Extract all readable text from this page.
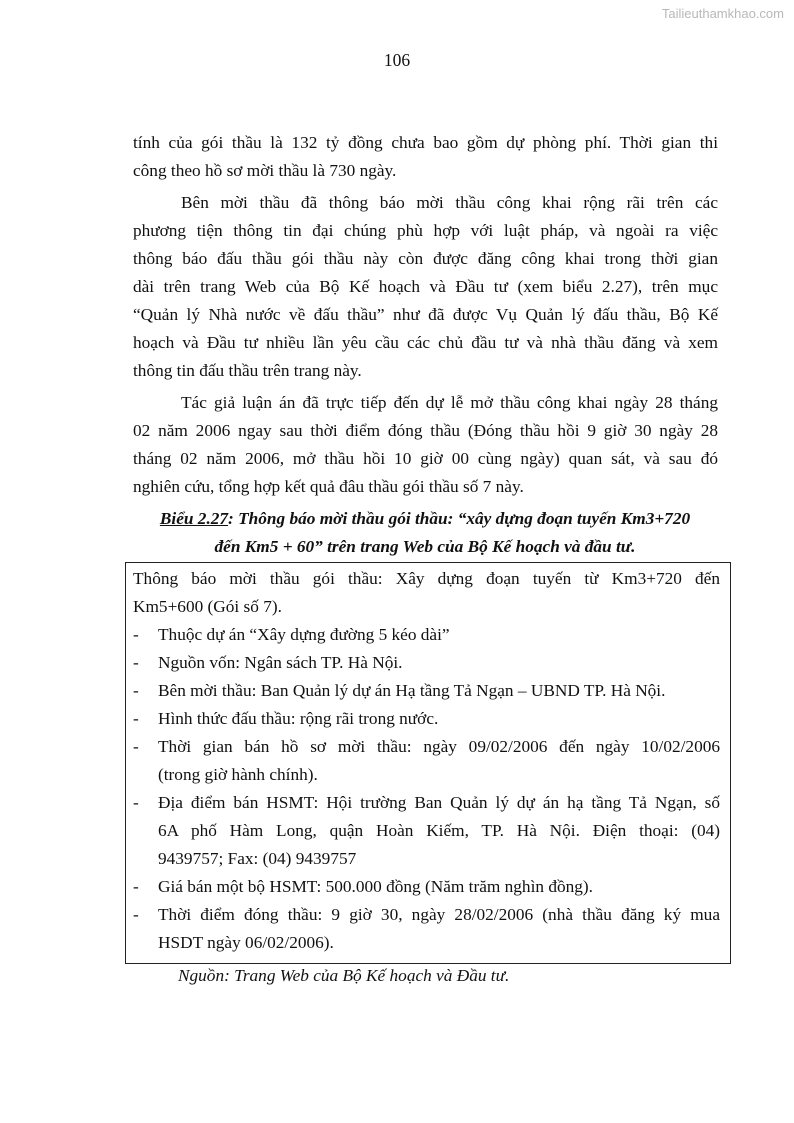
Tailieuthamkhao.com
106
tính của gói thầu là 132 tỷ đồng chưa bao gồm dự phòng phí. Thời gian thi
công theo hồ sơ mời thầu là 730 ngày.
Bên mời thầu đã thông báo mời thầu công khai rộng rãi trên các
phương tiện thông tin đại chúng phù hợp với luật pháp, và ngoài ra việc
thông báo đấu thầu gói thầu này còn được đăng công khai trong thời gian
dài trên trang Web của Bộ Kế hoạch và Đầu tư (xem biểu 2.27), trên mục
“Quản lý Nhà nước về đấu thầu” như đã được Vụ Quản lý đấu thầu, Bộ Kế
hoạch và Đầu tư nhiều lần yêu cầu các chủ đầu tư và nhà thầu đăng và xem
thông tin đấu thầu trên trang này.
Tác giả luận án đã trực tiếp đến dự lễ mở thầu công khai ngày 28 tháng
02 năm 2006 ngay sau thời điểm đóng thầu (Đóng thầu hồi 9 giờ 30 ngày 28
tháng 02 năm 2006, mở thầu hồi 10 giờ 00 cùng ngày) quan sát, và sau đó
nghiên cứu, tổng hợp kết quả đâu thầu gói thầu số 7 này.
Biểu 2.27: Thông báo mời thầu gói thầu: “xây dựng đoạn tuyến Km3+720
đến Km5 + 60” trên trang Web của Bộ Kế hoạch và đầu tư.
Thông báo mời thầu gói thầu: Xây dựng đoạn tuyến từ Km3+720 đến
Km5+600 (Gói số 7).
- Thuộc dự án “Xây dựng đường 5 kéo dài”
- Nguồn vốn: Ngân sách TP. Hà Nội.
- Bên mời thầu: Ban Quản lý dự án Hạ tầng Tả Ngạn – UBND TP. Hà Nội.
- Hình thức đấu thầu: rộng rãi trong nước.
- Thời gian bán hồ sơ mời thầu: ngày 09/02/2006 đến ngày 10/02/2006
(trong giờ hành chính).
- Địa điểm bán HSMT: Hội trường Ban Quản lý dự án hạ tầng Tả Ngạn, số
6A phố Hàm Long, quận Hoàn Kiếm, TP. Hà Nội. Điện thoại: (04)
9439757; Fax: (04) 9439757
- Giá bán một bộ HSMT: 500.000 đồng (Năm trăm nghìn đồng).
- Thời điểm đóng thầu: 9 giờ 30, ngày 28/02/2006 (nhà thầu đăng ký mua
HSDT ngày 06/02/2006).
Nguồn: Trang Web của Bộ Kế hoạch và Đầu tư.
